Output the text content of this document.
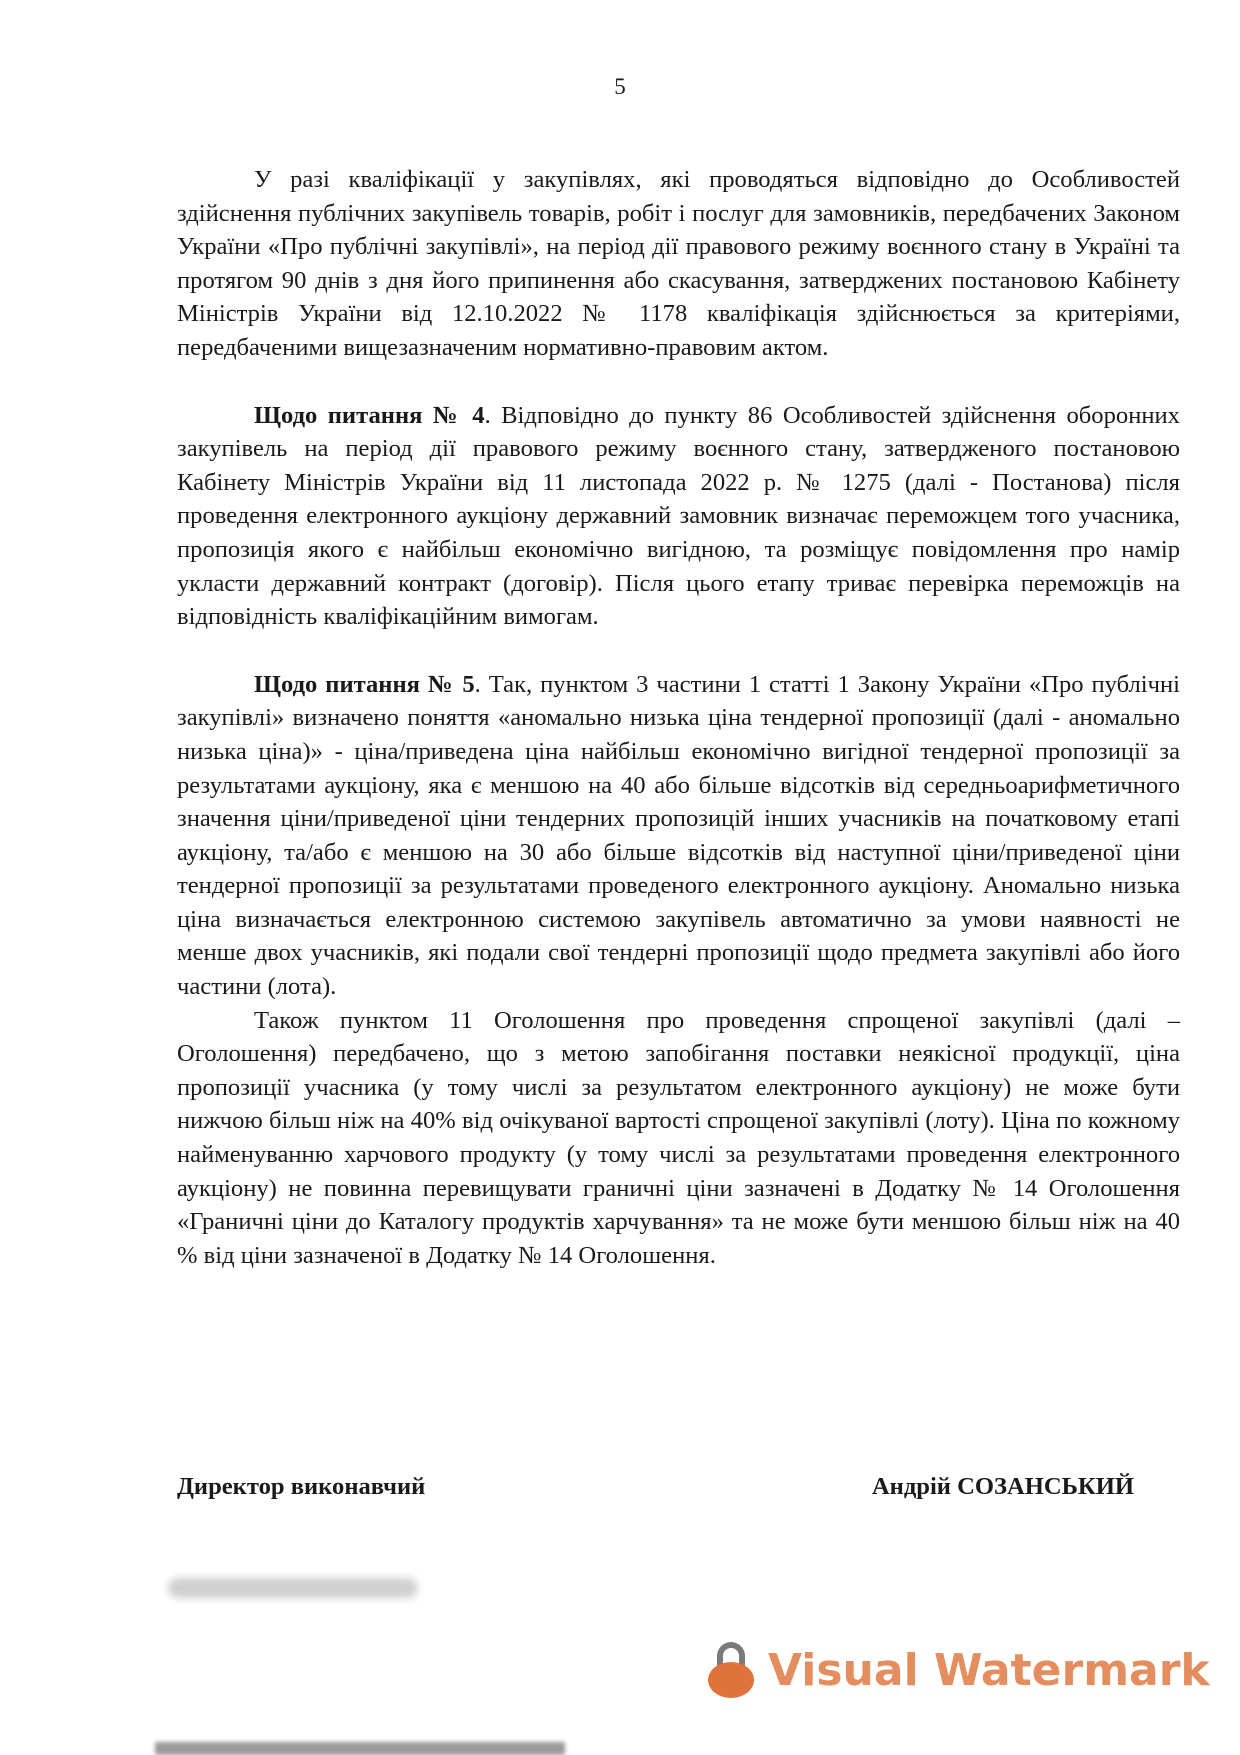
5

У разі кваліфікації у закупівлях, які проводяться відповідно до Особливостей здійснення публічних закупівель товарів, робіт і послуг для замовників, передбачених Законом України «Про публічні закупівлі», на період дії правового режиму воєнного стану в Україні та протягом 90 днів з дня його припинення або скасування, затверджених постановою Кабінету Міністрів України від 12.10.2022 № 1178 кваліфікація здійснюється за критеріями, передбаченими вищезазначеним нормативно-правовим актом.

Щодо питання № 4. Відповідно до пункту 86 Особливостей здійснення оборонних закупівель на період дії правового режиму воєнного стану, затвердженого постановою Кабінету Міністрів України від 11 листопада 2022 р. № 1275 (далі - Постанова) після проведення електронного аукціону державний замовник визначає переможцем того учасника, пропозиція якого є найбільш економічно вигідною, та розміщує повідомлення про намір укласти державний контракт (договір). Після цього етапу триває перевірка переможців на відповідність кваліфікаційним вимогам.

Щодо питання № 5. Так, пунктом 3 частини 1 статті 1 Закону України «Про публічні закупівлі» визначено поняття «аномально низька ціна тендерної пропозиції (далі - аномально низька ціна)» - ціна/приведена ціна найбільш економічно вигідної тендерної пропозиції за результатами аукціону, яка є меншою на 40 або більше відсотків від середньоарифметичного значення ціни/приведеної ціни тендерних пропозицій інших учасників на початковому етапі аукціону, та/або є меншою на 30 або більше відсотків від наступної ціни/приведеної ціни тендерної пропозиції за результатами проведеного електронного аукціону. Аномально низька ціна визначається електронною системою закупівель автоматично за умови наявності не менше двох учасників, які подали свої тендерні пропозиції щодо предмета закупівлі або його частини (лота).

Також пунктом 11 Оголошення про проведення спрощеної закупівлі (далі – Оголошення) передбачено, що з метою запобігання поставки неякісної продукції, ціна пропозиції учасника (у тому числі за результатом електронного аукціону) не може бути нижчою більш ніж на 40% від очікуваної вартості спрощеної закупівлі (лоту). Ціна по кожному найменуванню харчового продукту (у тому числі за результатами проведення електронного аукціону) не повинна перевищувати граничні ціни зазначені в Додатку № 14 Оголошення «Граничні ціни до Каталогу продуктів харчування» та не може бути меншою більш ніж на 40 % від ціни зазначеної в Додатку № 14 Оголошення.

Директор виконавчий	Андрій СОЗАНСЬКИЙ
Visual Watermark
